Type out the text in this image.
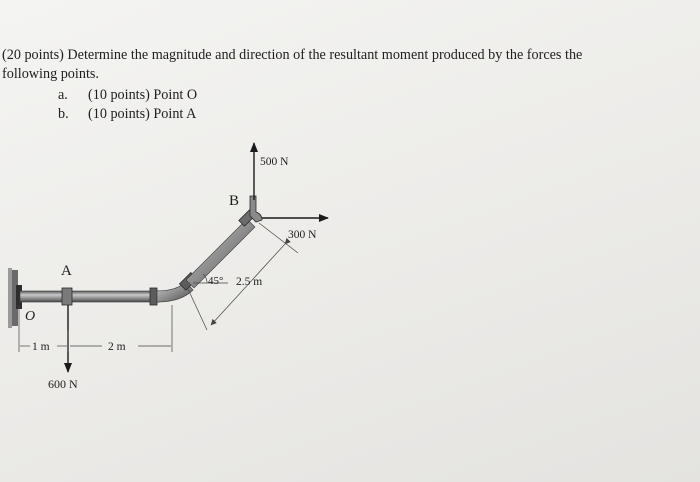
(20 points) Determine the magnitude and direction of the resultant moment produced by the forces the

following points.

a. (10 points) Point O
b. (10 points) Point A
O
A
B
500 N
300 N
600 N
45° 2.5 m
1 m	2 m
